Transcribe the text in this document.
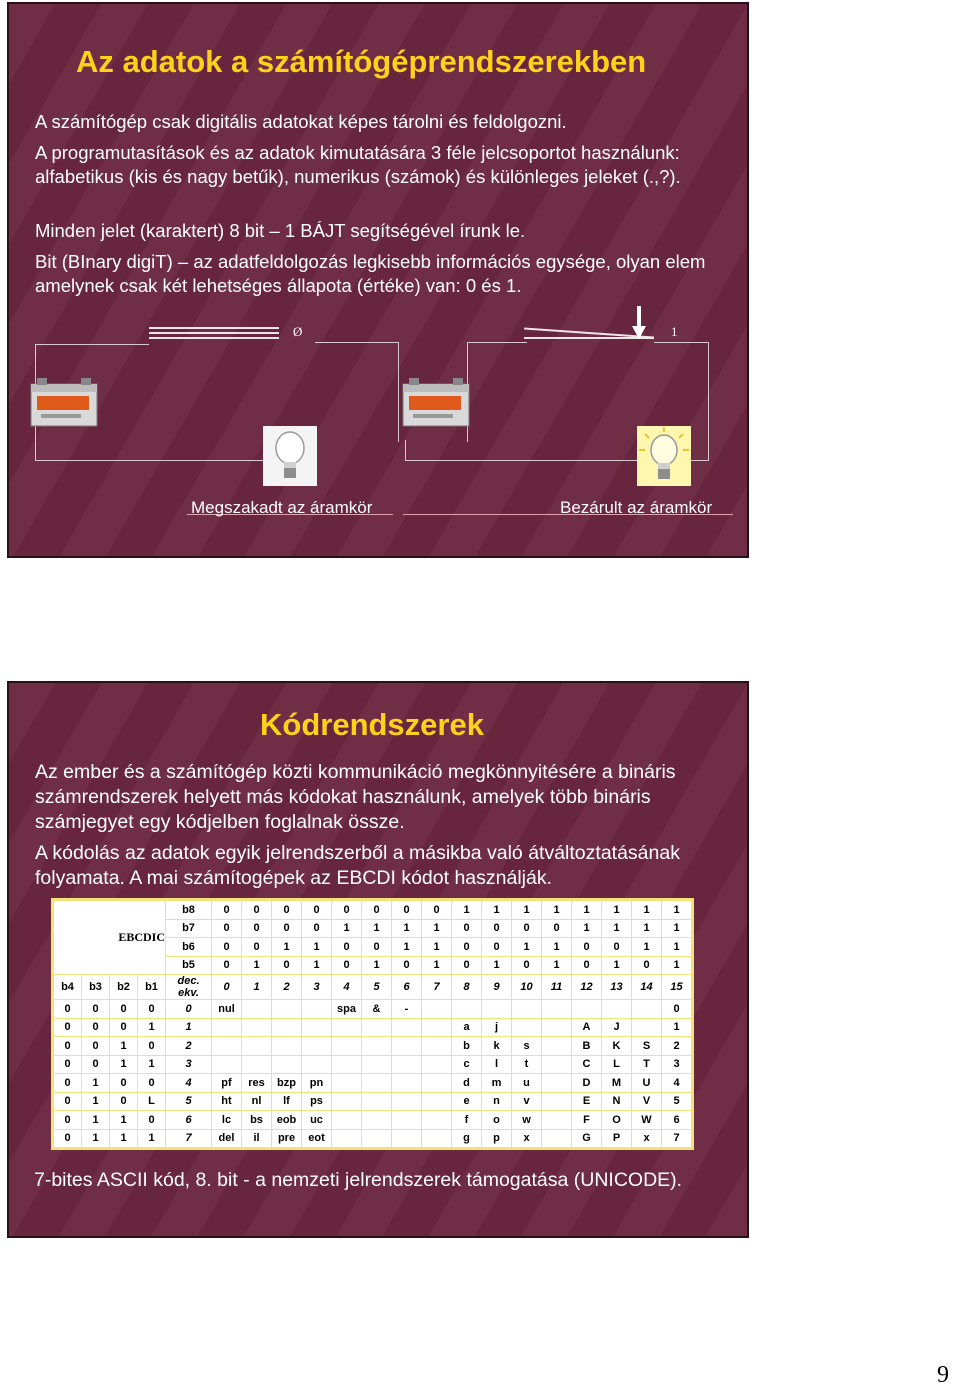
Az adatok a számítógéprendszerekben

A számítógép csak digitális adatokat képes tárolni és feldolgozni.

A programutasítások és az adatok kimutatására 3 féle jelcsoportot használunk: alfabetikus (kis és nagy betűk), numerikus (számok) és különleges jeleket (.,?).

Minden jelet (karaktert) 8 bit – 1 BÁJT segítségével írunk le.

Bit (BInary digiT) – az adatfeldolgozás legkisebb információs egysége, olyan elem amelynek csak két lehetséges állapota (értéke) van: 0 és 1.

Ø
Megszakadt az áramkör
1
Bezárult az áramkör
Kódrendszerek

Az ember és a számítógép közti kommunikáció megkönnyitésére a bináris számrendszerek helyett más kódokat használunk, amelyek több bináris számjegyet egy kódjelben foglalnak össze.

A kódolás az adatok egyik jelrendszerből a másikba való átváltoztatásának folyamata. A mai számítogépek az EBCDI kódot használják.

EBCDIC				b8	0	0	0	0	0	0	0	0	1	1	1	1	1	1	1	1
				b7	0	0	0	0	1	1	1	1	0	0	0	0	1	1	1	1
				b6	0	0	1	1	0	0	1	1	0	0	1	1	0	0	1	1
				b5	0	1	0	1	0	1	0	1	0	1	0	1	0	1	0	1
b4	b3	b2	b1	dec. ekv.	0	1	2	3	4	5	6	7	8	9	10	11	12	13	14	15
0	0	0	0	0	nul				spa	&	-									0
0	0	0	1	1									a	j			A	J		1
0	0	1	0	2									b	k	s		B	K	S	2
0	0	1	1	3									c	l	t		C	L	T	3
0	1	0	0	4	pf	res	bzp	pn					d	m	u		D	M	U	4
0	1	0	L	5	ht	nl	lf	ps					e	n	v		E	N	V	5
0	1	1	0	6	lc	bs	eob	uc					f	o	w		F	O	W	6
0	1	1	1	7	del	il	pre	eot					g	p	x		G	P	x	7

7-bites ASCII kód, 8. bit - a nemzeti jelrendszerek támogatása (UNICODE).

9
